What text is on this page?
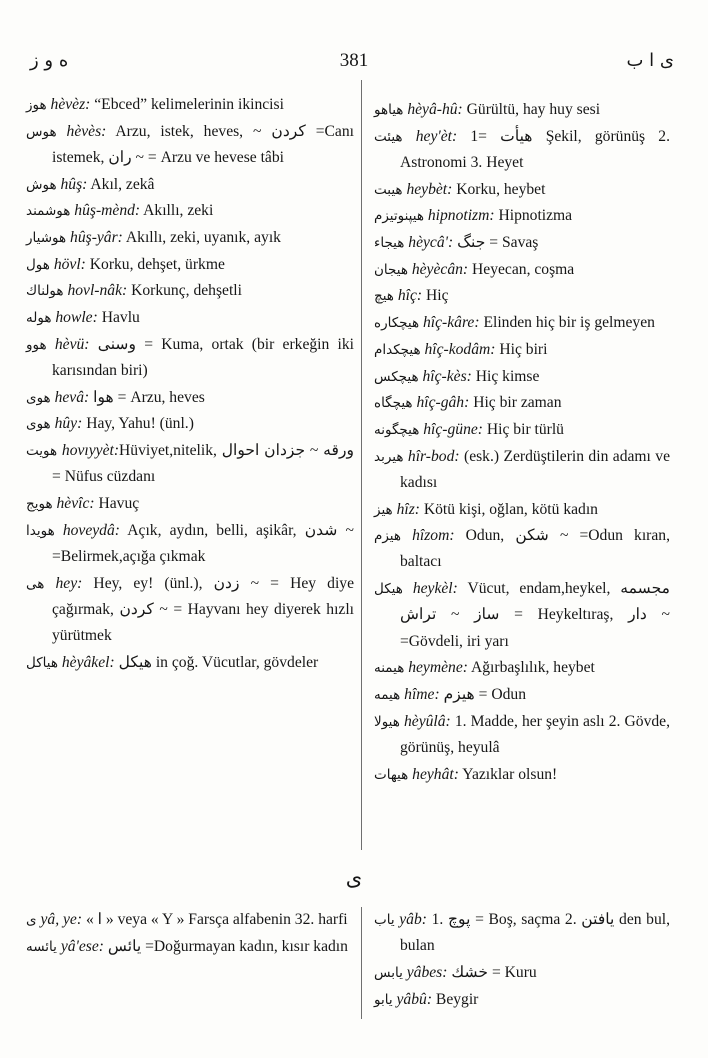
ه و ز	381	ى ا ب
هوز hèvèz: “Ebced” kelimelerinin ikincisi
هوس hèvès: Arzu, istek, heves, ~ كردن =Canı istemek, ران ~ = Arzu ve hevese tâbi
هوش hûş: Akıl, zekâ
هوشمند hûş-mènd: Akıllı, zeki
هوشيار hûş-yâr: Akıllı, zeki, uyanık, ayık
هول hövl: Korku, dehşet, ürkme
هولناك hovl-nâk: Korkunç, dehşetli
هوله howle: Havlu
هوو hèvü: وسنى = Kuma, ortak (bir erkeğin iki karısından biri)
هوى hevâ: هوا = Arzu, heves
هوى hûy: Hay, Yahu! (ünl.)
هويت hovıyyèt:Hüviyet,nitelik, ورقه ~ جزدان احوال = Nüfus cüzdanı
هويج hèvîc: Havuç
هويدا hoveydâ: Açık, aydın, belli, aşikâr, شدن ~ =Belirmek,açığa çıkmak
هى hey: Hey, ey! (ünl.), زدن ~ = Hey diye çağırmak, كردن ~ = Hayvanı hey diyerek hızlı yürütmek
هياكل hèyâkel: هيكل in çoğ. Vücutlar, gövdeler
هياهو hèyâ-hû: Gürültü, hay huy sesi
هيئت hey'èt: هيأت =1 Şekil, görünüş 2. Astronomi 3. Heyet
هيبت heybèt: Korku, heybet
هيپنوتيزم hipnotizm: Hipnotizma
هيجاء hèycâ': جنگ = Savaş
هيجان hèyècân: Heyecan, coşma
هيچ hîç: Hiç
هيچكاره hîç-kâre: Elinden hiç bir iş gelmeyen
هيچكدام hîç-kodâm: Hiç biri
هيچكس hîç-kès: Hiç kimse
هيچگاه hîç-gâh: Hiç bir zaman
هيچگونه hîç-güne: Hiç bir türlü
هيربد hîr-bod: (esk.) Zerdüştilerin din adamı ve kadısı
هيز hîz: Kötü kişi, oğlan, kötü kadın
هيزم hîzom: Odun, شكن ~ =Odun kıran, baltacı
هيكل heykèl: Vücut, endam,heykel, مجسمه ساز ~ تراش = Heykeltıraş, دار ~ =Gövdeli, iri yarı
هيمنه heymène: Ağırbaşlılık, heybet
هيمه hîme: هيزم = Odun
هيولا hèyûlâ: 1. Madde, her şeyin aslı 2. Gövde, görünüş, heyulâ
هيهات heyhât: Yazıklar olsun!
ى
ى yâ, ye: « ا » veya « Y » Farsça alfabenin 32. harfi
يائسه yâ'ese: يائس =Doğurmayan kadın, kısır kadın
ياب yâb: 1. پوچ = Boş, saçma 2. يافتن den bul, bulan
يابس yâbes: خشك = Kuru
يابو yâbû: Beygir
